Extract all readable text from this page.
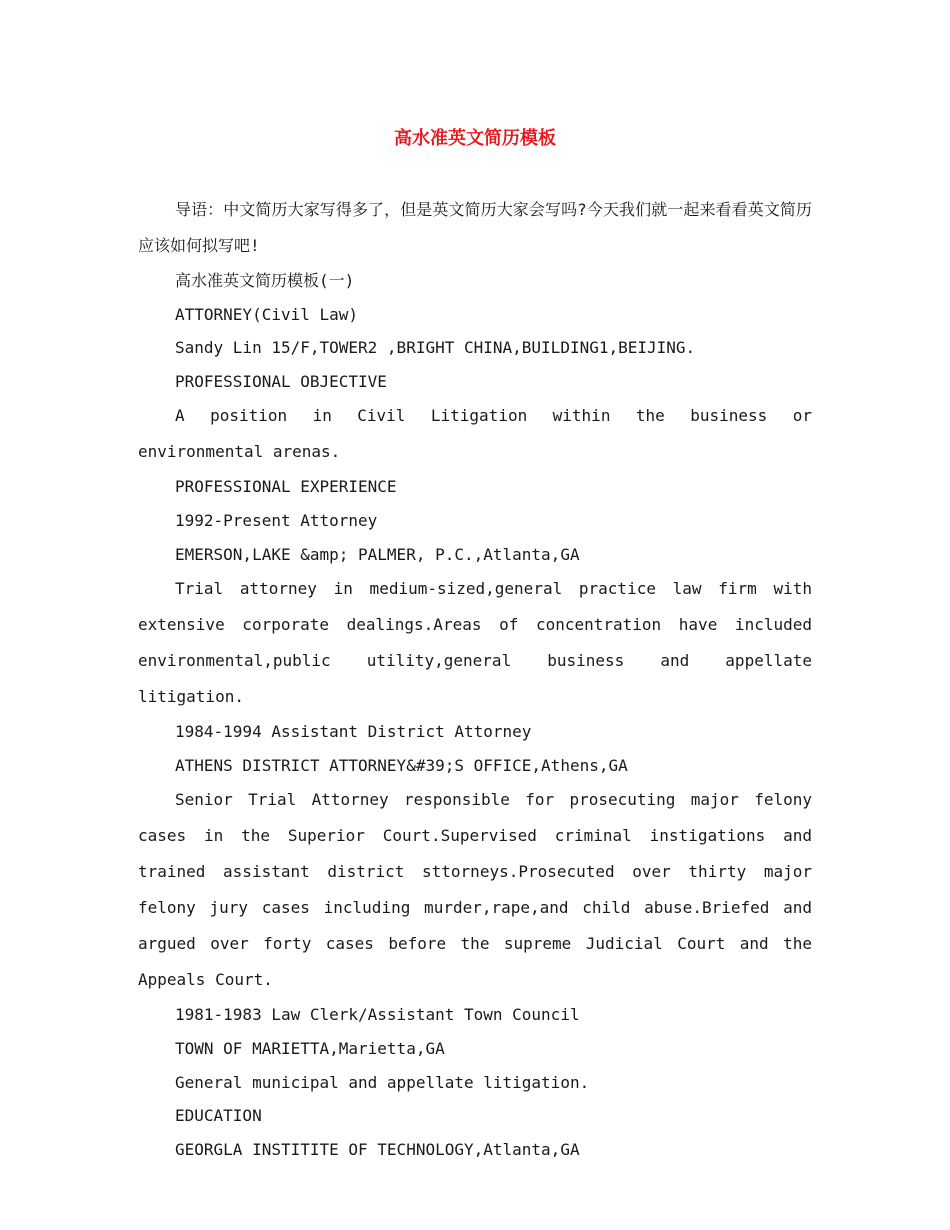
高水准英文简历模板

导语：中文简历大家写得多了，但是英文简历大家会写吗?今天我们就一起来看看英文简历应该如何拟写吧!

高水准英文简历模板(一)

ATTORNEY(Civil Law)

Sandy Lin 15/F,TOWER2 ,BRIGHT CHINA,BUILDING1,BEIJING.

PROFESSIONAL OBJECTIVE

A position in Civil Litigation within the business or environmental arenas.

PROFESSIONAL EXPERIENCE

1992-Present Attorney

EMERSON,LAKE &amp; PALMER, P.C.,Atlanta,GA

Trial attorney in medium-sized,general practice law firm with extensive corporate dealings.Areas of concentration have included environmental,public utility,general business and appellate litigation.

1984-1994 Assistant District Attorney

ATHENS DISTRICT ATTORNEY&#39;S OFFICE,Athens,GA

Senior Trial Attorney responsible for prosecuting major felony cases in the Superior Court.Supervised criminal instigations and trained assistant district sttorneys.Prosecuted over thirty major felony jury cases including murder,rape,and child abuse.Briefed and argued over forty cases before the supreme Judicial Court and the Appeals Court.

1981-1983 Law Clerk/Assistant Town Council

TOWN OF MARIETTA,Marietta,GA

General municipal and appellate litigation.

EDUCATION

GEORGLA INSTITITE OF TECHNOLOGY,Atlanta,GA
